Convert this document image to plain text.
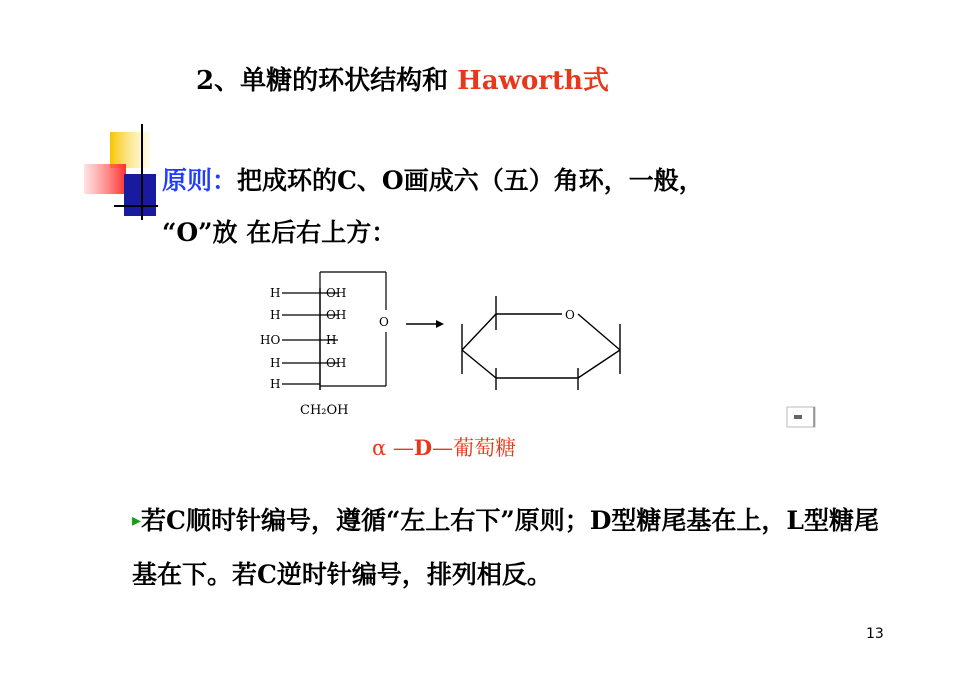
2、单糖的环状结构和 Haworth式
原则：把成环的C、O画成六（五）角环，一般，
“O”放 在后右上方：
O
H	OH
H	OH
HO	H
H	OH
H
CH₂OH
O
α —D—葡萄糖
▸若C顺时针编号，遵循“左上右下”原则；D型糖尾基在上，L型糖尾基在下。若C逆时针编号，排列相反。
13
